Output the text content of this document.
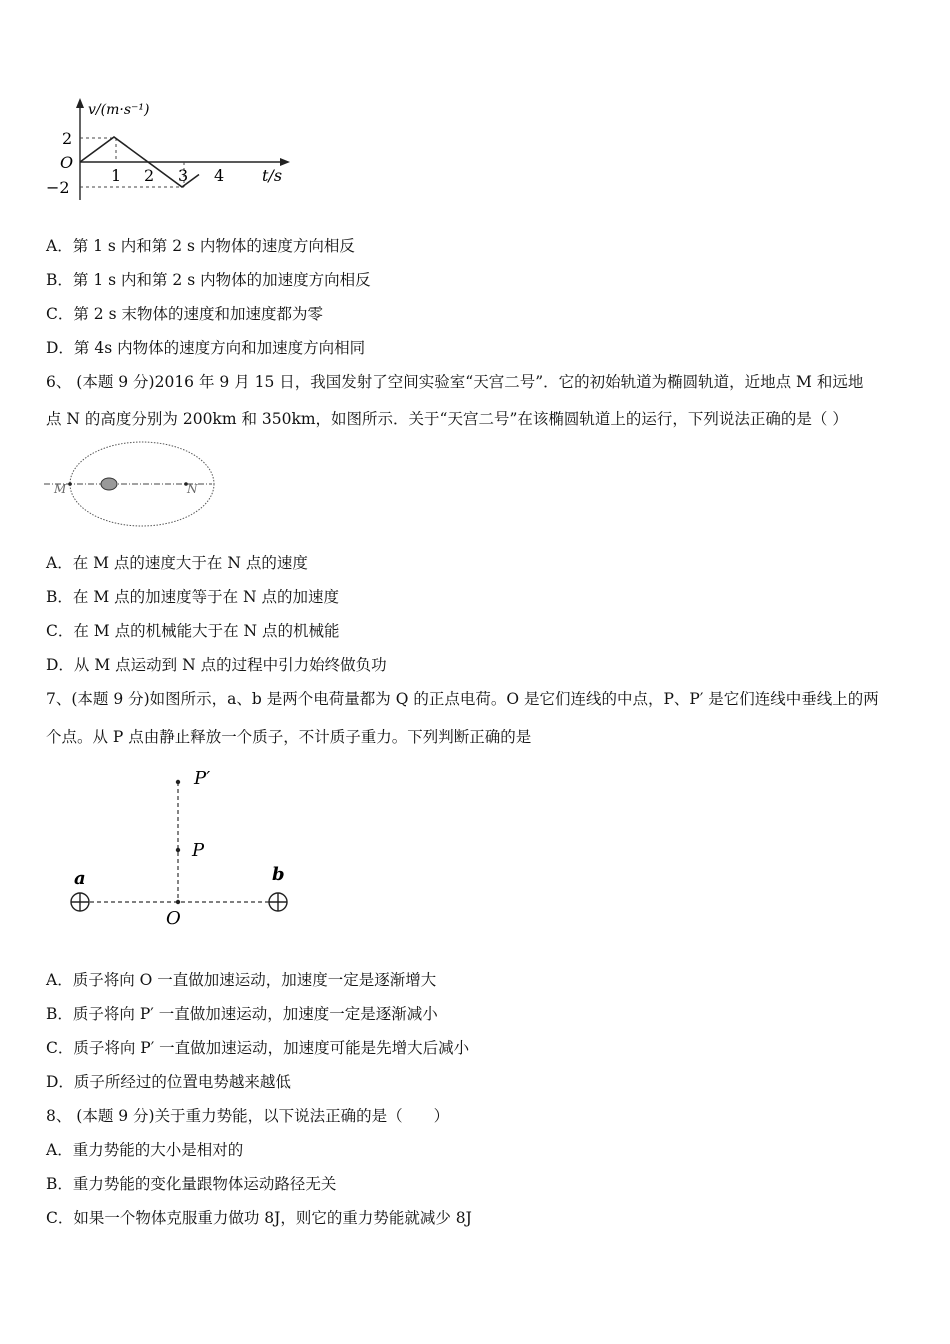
v/(m·s⁻¹)
2
O
−2
1 2 3 4 t/s
A．第 1 s 内和第 2 s 内物体的速度方向相反
B．第 1 s 内和第 2 s 内物体的加速度方向相反
C．第 2 s 末物体的速度和加速度都为零
D．第 4s 内物体的速度方向和加速度方向相同
6、 (本题 9 分)2016 年 9 月 15 日，我国发射了空间实验室“天宫二号”．它的初始轨道为椭圆轨道，近地点 M 和远地
点 N 的高度分别为 200km 和 350km，如图所示．关于“天宫二号”在该椭圆轨道上的运行，下列说法正确的是（ ）
M	N
A．在 M 点的速度大于在 N 点的速度
B．在 M 点的加速度等于在 N 点的加速度
C．在 M 点的机械能大于在 N 点的机械能
D．从 M 点运动到 N 点的过程中引力始终做负功
7、(本题 9 分)如图所示，a、b 是两个电荷量都为 Q 的正点电荷。O 是它们连线的中点，P、P′ 是它们连线中垂线上的两
个点。从 P 点由静止释放一个质子，不计质子重力。下列判断正确的是
P′
P
a	b
O
A．质子将向 O 一直做加速运动，加速度一定是逐渐增大
B．质子将向 P′ 一直做加速运动，加速度一定是逐渐减小
C．质子将向 P′ 一直做加速运动，加速度可能是先增大后减小
D．质子所经过的位置电势越来越低
8、 (本题 9 分)关于重力势能，以下说法正确的是（　　）
A．重力势能的大小是相对的
B．重力势能的变化量跟物体运动路径无关
C．如果一个物体克服重力做功 8J，则它的重力势能就减少 8J
